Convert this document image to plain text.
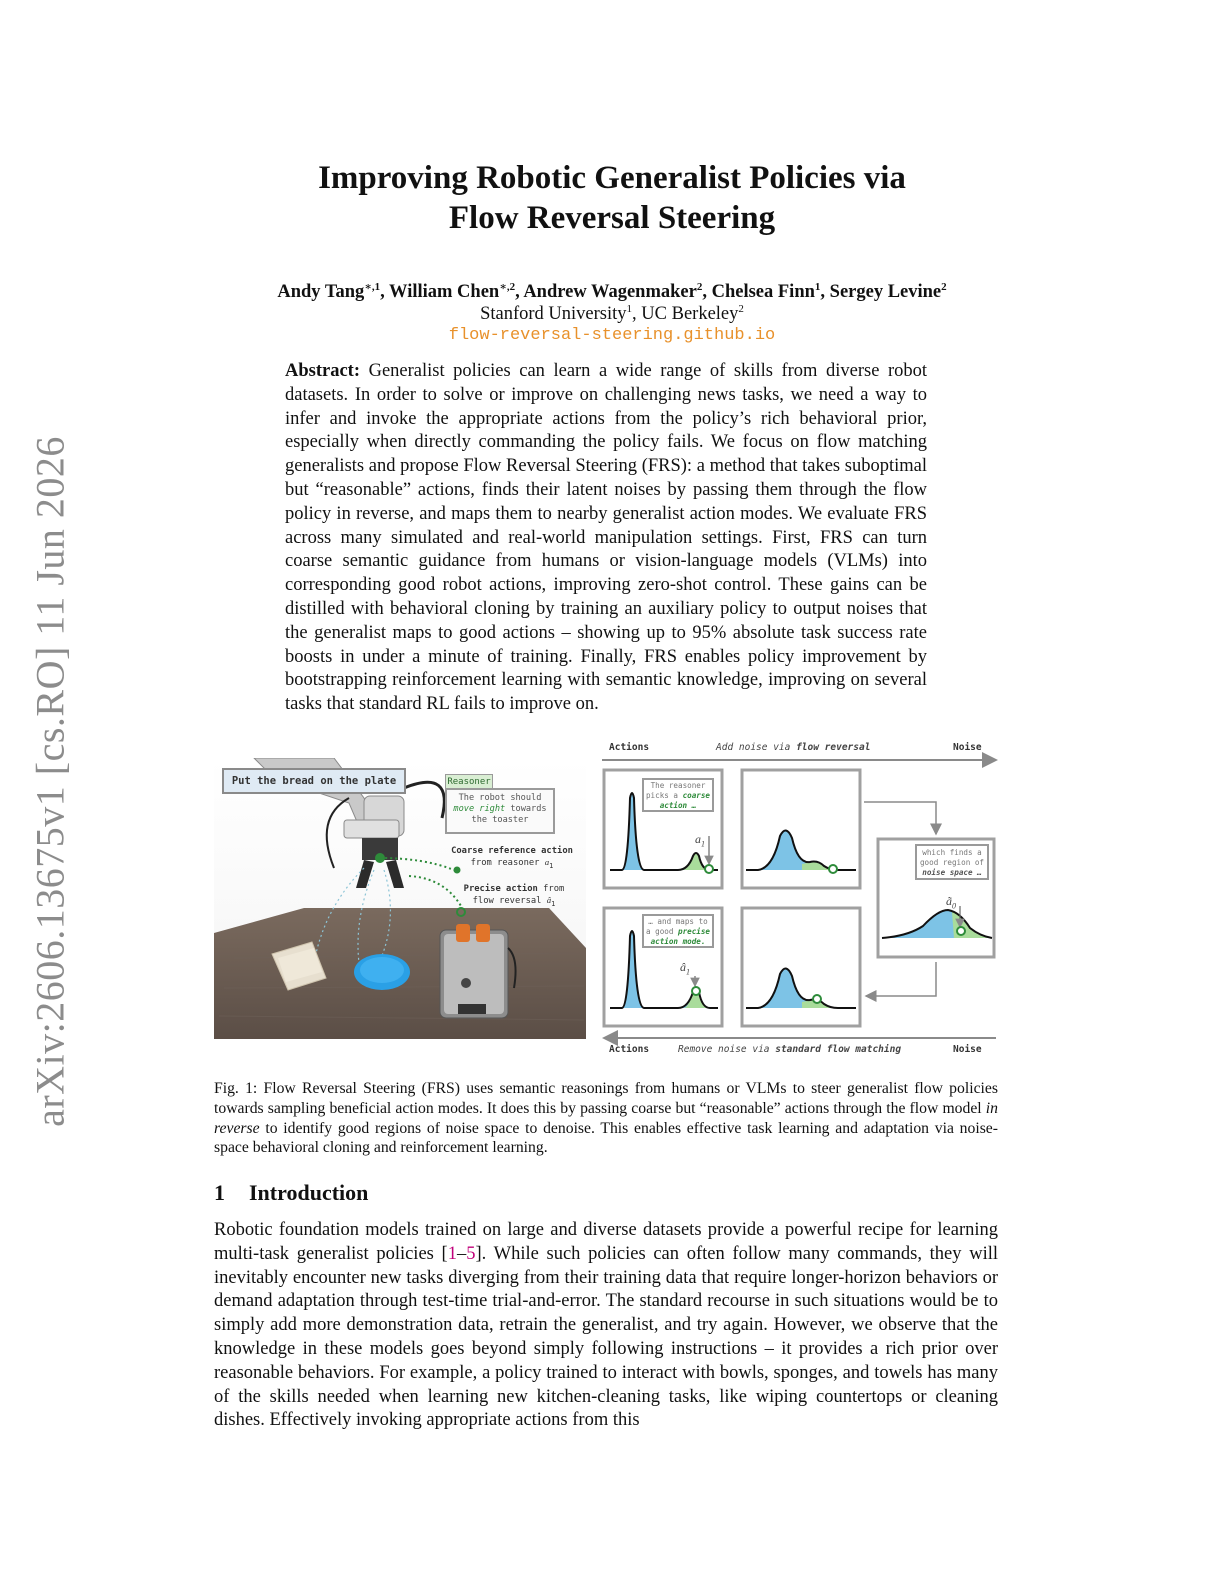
arXiv:2606.13675v1 [cs.RO] 11 Jun 2026
Improving Robotic Generalist Policies via
Flow Reversal Steering
Andy Tang$^{∗,1}$, William Chen$^{∗,2}$, Andrew Wagenmaker$^2$, Chelsea Finn$^1$, Sergey Levine$^2$
Stanford University$^1$, UC Berkeley$^2$
flow-reversal-steering.github.io
Abstract: Generalist policies can learn a wide range of skills from diverse robot datasets. In order to solve or improve on challenging news tasks, we need a way to infer and invoke the appropriate actions from the policy’s rich behavioral prior, especially when directly commanding the policy fails. We focus on flow matching generalists and propose Flow Reversal Steering (FRS): a method that takes suboptimal but “reasonable” actions, finds their latent noises by passing them through the flow policy in reverse, and maps them to nearby generalist action modes. We evaluate FRS across many simulated and real-world manipulation settings. First, FRS can turn coarse semantic guidance from humans or vision-language models (VLMs) into corresponding good robot actions, improving zero-shot control. These gains can be distilled with behavioral cloning by training an auxiliary policy to output noises that the generalist maps to good actions – showing up to 95% absolute task success rate boosts in under a minute of training. Finally, FRS enables policy improvement by bootstrapping reinforcement learning with semantic knowledge, improving on several tasks that standard RL fails to improve on.
Put the bread on the plate	Reasoner
The robot should
move right towards
the toaster
Coarse reference action
from reasoner $a_1$
Precise action from
flow reversal $â_1$
Actions	Add noise via flow reversal	Noise
Actions	Remove noise via standard flow matching	Noise
The reasoner
picks a coarse
action …
$a_1$
which finds a
good region of
noise space …
$ã_0$
… and maps to
a good precise
action mode.
$â_1$
Fig. 1: Flow Reversal Steering (FRS) uses semantic reasonings from humans or VLMs to steer generalist flow policies towards sampling beneficial action modes. It does this by passing coarse but “reasonable” actions through the flow model in reverse to identify good regions of noise space to denoise. This enables effective task learning and adaptation via noise-space behavioral cloning and reinforcement learning.
1 Introduction
Robotic foundation models trained on large and diverse datasets provide a powerful recipe for learning multi-task generalist policies [1–5]. While such policies can often follow many commands, they will inevitably encounter new tasks diverging from their training data that require longer-horizon behaviors or demand adaptation through test-time trial-and-error. The standard recourse in such situations would be to simply add more demonstration data, retrain the generalist, and try again. However, we observe that the knowledge in these models goes beyond simply following instructions – it provides a rich prior over reasonable behaviors. For example, a policy trained to interact with bowls, sponges, and towels has many of the skills needed when learning new kitchen-cleaning tasks, like wiping countertops or cleaning dishes. Effectively invoking appropriate actions from this
